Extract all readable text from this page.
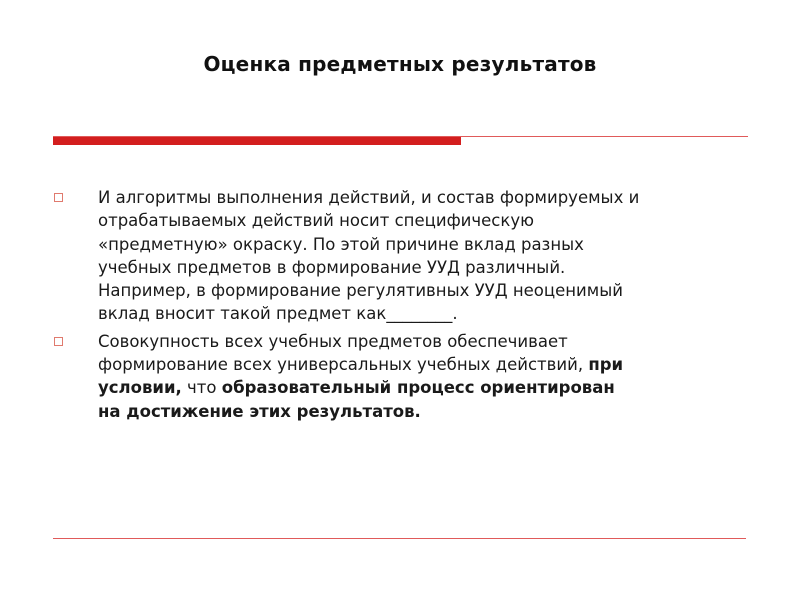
Оценка предметных результатов
И алгоритмы выполнения действий, и состав формируемых и
отрабатываемых действий носит специфическую
«предметную» окраску. По этой причине вклад разных
учебных предметов в формирование УУД различный.
Например, в формирование регулятивных УУД неоценимый
вклад вносит такой предмет как________.
Совокупность всех учебных предметов обеспечивает
формирование всех универсальных учебных действий, при
условии, что образовательный процесс ориентирован
на достижение этих результатов.
